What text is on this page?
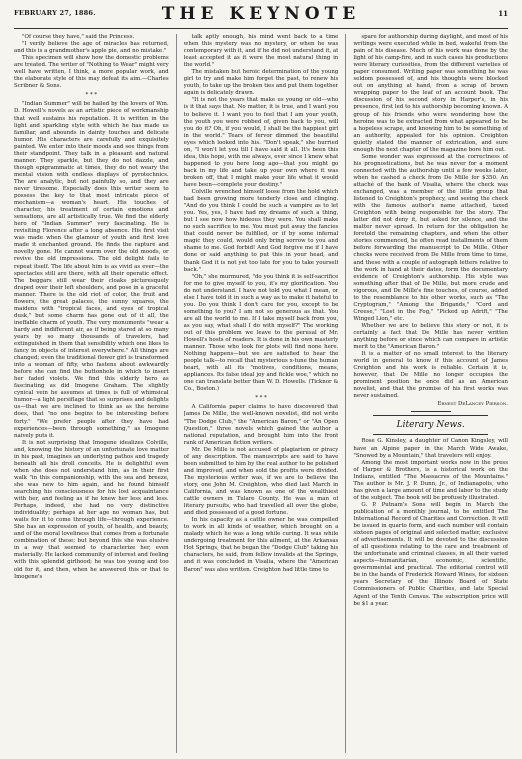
FEBRUARY 27, 1886.	THE KEYNOTE	11

"Of course they have," said the Princess.

"I verily believe the age of miracles has returned, and this is a grandmother's apple pie, and no mistake."

This specimen will show how the domestic problems are treated. The writer of "Nothing to Wear" might very well have written, I think, a more popular work, and the elaborate style of this may defeat its aim.—Charles Scribner & Sons.

* * *

"Indian Summer" will be hailed by the lovers of Wm. D. Howell's novels as an artistic piece of workmanship that well sustains his reputation. It is written in the light and sparkling style with which he has made us familiar, and abounds in dainty touches and delicate humor. His characters are carefully and exquisitely painted. We enter into their moods and see things from their standpoint. They talk in a pleasant and natural manner. They sparkle, but they do not dazzle, and though epigrammatic at times, they do not weary the mental vision with endless displays of pyrotechnics. The are analytic, but not painfully so, and they are never tiresome. Especially does this writer seem to possess the key to that most intricate piece of mechanism—a woman's heart. His touches of character, his treatment of certain emotions and sensations, are all artistically true. We find the elderly hero of "Indian Summer" very fascinating. He is revisiting Florence after a long absence. His first visit was made when the glamour of youth and first love made it enchanted ground. He finds the rapture and novelty gone. He cannot warm over the old moods, or revive the old impressions. The old delight fails to repeat itself. The life about him is as vivid as ever—the spectacles still are there, with all their operatic effect. The beggars still wear their cloaks picturesquely draped over their left shoulders, and pose in a graceful manner. There is the old riot of color, the fruit and flowers, the great palaces, the sunny squares, the maidens with "tropical faces, and eyes of tropical dusk," but some charm has gone out of it all, the ineffable charm of youth. The very monuments "wear a hardy and indifferent air, as if being stared at so many years by so many thousands of travelers, had extinguished in them that sensibility which one likes to fancy in objects of interest everywhere." All things are changed; even the traditional flower girl is transformed into a woman of fifty, who fastens about awkwardly before she can find the buttonhole in which to insert her faded violets. We find this elderly hero as fascinating as did Imogene Graham. The slightly cynical vein he assumes at times is full of whimsical humor—a light persiflage that so surprises and delights us—that we are inclined to think as as the heroine does, that "no one begins to be interesting before forty." "We prefer people after they have had experiences—been through something," as Imogene naively puts it.

It is not surprising that Imogene idealizes Colville, and, knowing the history of an unfortunate love matter in his past, imagines an underlying pathos and tragedy beneath all his droll conceits. He is delightful even when she does not understand him, as in their first walk "in this companionship, with the sea and breeze, she was new to him again, and he found himself searching his consciousness for his lost acquaintance with her, and feeling as if he knew her less and less. Perhaps, indeed, she had no very distinctive individuality; perhaps at her age no woman has, but waits for it to come through life—through experience. She has an expression of youth, of health, and beauty, and of the moral loveliness that comes from a fortunate combination of these; but beyond this she was elusive in a way that seemed to characterize her, even materially. He lacked community of interest and feeling with this splendid girlhood; he was too young and too old for it, and then, when he answered this or that to Imogene's

talk aptly enough, his mind went back to a time when this mystery was no mystery, or when he was contemporary with it, and if he did not understand it, at least accepted it as it were the most natural thing in the world."

The mistaken but heroic determination of the young girl to try and make him forget the past, to renew his youth, to take up the broken ties and put them together again is delicately drawn.

"It is not the years that make us young or old—who is it that says that. No matter, it is true, and I want you to believe it. I want you to feel that I am your youth, the youth you were robbed of, given back to you, will you do it? Oh, if you would, I shall be the happiest girl in the world." Tears of fervor dimmed the beautiful eyes which looked into his. "Don't speak," she hurried on, "I won't let you till I have said it all. It's been this idea, this hope, with me always, ever since I knew what happened to you here long ago—that you might go back in my life and take up your own where it was broken off, that I might make your life what it would have been—complete your destiny."

Colville wrenched himself loose from the hold which had been growing more tenderly close and clinging. "And do you think I could be such a vampire as to let you. Yes, yes, I have had my dreams of such a thing, but I see now how hideous they were. You shall make no such sacrifice to me. You must put away the fancies that could never be fulfilled, or if by some infernal magic they could, would only bring sorrow to you and shame to me. God forbid! And God forgive me if I have done or said anything to put this in your head, and thank God it is not yet too late for you to take yourself back."

"Oh," she murmured, "do you think it is self-sacrifice for me to give myself to you, it's my glorification. You do not understand. I have not told you what I mean, or else I have told it in such a way as to make it hateful to you. Do you think I don't care for you, except to be something to you? I am not so generous as that. You are all the world to me. If I take myself back from you, as you say, what shall I do with myself?" The working out of this problem we leave to the perusal of Mr. Howell's hosts of readers. It is done in his own masterly manner. Those who look for plots will find none here. Nothing happens—but we are satisfied to hear the people talk—to recall that mysterious x-tune the human heart, with all its "motives, conditions, means, appliances. Its false ideal joy and fickle woe," which no one can translate better than W. D. Howells. (Ticknor & Co., Boston.)

* * *

A California paper claims to have discovered that James De Mille, the well-known novelist, did not write "The Dodge Club," the "American Baron," or "An Open Question," three novels which gained the author a national reputation, and brought him into the front rank of American fiction writers.

Mr. De Mille is not accused of plagiarism or piracy of any description. The manuscripts are said to have been submitted to him by the real author to be polished and improved, and when sold the profits were divided. The mysterious writer was, if we are to believe the story, one John M. Creighton, who died last March in California, and was known as one of the wealthiest cattle owners in Tulare County. He was a man of literary pursuits, who had travelled all over the globe, and died possessed of a good fortune.

In his capacity as a cattle owner he was compelled to work in all kinds of weather, which brought on a malady which he was a long while curing. It was while undergoing treatment for this ailment, at the Arkansas Hot Springs, that he began the "Dodge Club" taking his characters, he said, from fellow invalids at the Springs, and it was concluded in Visalia, where the "American Baron" was also written. Creighton had little time to

spare for authorship during daylight, and most of his writings were executed while in bed, wakeful from the pain of his disease. Much of his work was done by the light of his camp-fire, and in such cases his productions were literary curiosities, from the different varieties of paper consumed. Writing paper was something he was seldom possessed of, and his thoughts were blocked out on anything at hand, from a scrap of brown wrapping paper to the leaf of an account book. The discussion of his second story in Harper's, in his presence, first led to his authorship becoming known. A group of his friends who were wondering how the heroine was to be extracted from what appeared to be a hopeless scrape, and knowing him to be something of an authority, appealed for his opinion. Creighton quietly stated the manner of extrication, and sure enough the next chapter of the magazine bore him out.

Some wonder was expressed at the correctness of his prognostications, but he was never for a moment connected with the authorship until a few weeks later, when he cashed a check from De Mille for $350. An attaché of the bank of Visalia, where the check was exchanged, was a member of the little group that listened to Creighton's prophecy, and seeing the check with the famous author's name attached, taxed Creighton with being responsible for the story. The latter did not deny it, but asked for silence, and the matter never spread. In return for the obligation he foretold the remaining chapters, and when the other stories commenced, he often read installments of them before forwarding the manuscript to De Mille. Other checks were received from De Mille from time to time, and these with a couple of autograph letters relative to the work in hand at their dates, form the documentary evidence of Creighton's authorship. His style was something after that of De Mille, but more crude and vigorous, and De Mille's fine touches, of course, added to the resemblance to his other works, such as "The Cryptogram," "Among the Brigands," "Cord and Creese," "Lost in the Fog," "Picked up Adrift," "The Winged Lion," etc.

Whether we are to believe this story or not, it is certainly a fact that De Mille has never written anything before or since which can compare in artistic merit to the "American Baron."

It is a matter of no small interest to the literary world in general to know if this account of James Creighton and his work is reliable. Certain it is, however, that De Mille no longer occupies the prominent position he once did as an American novelist, and that the promise of his first works was never sustained.

Ernest DeLancey Pierson.

Literary News.

Rose G. Kinsley, a daughter of Canon Kingsley, will have an Alpine paper in the March Wide Awake, "Snowed by a Mountain," that travelers will enjoy.

Among the most important works now in the press of Harper & Brothers, is a historical work on the Indians, entitled "The Massacres of the Mountains." The author is Mr. J. P. Dunn, Jr., of Indianapolis, who has given a large amount of time and labor to the study of the subject. The book will be profusely illustrated.

G. P. Putnam's Sons will begin in March the publication of a monthly journal, to be entitled The International Record of Charities and Correction. It will be issued in quarto form, and each number will contain sixteen pages of original and selected matter, exclusive of advertisements. It will be devoted to the discussion of all questions relating to the care and treatment of the unfortunate and criminal classes, in all their varied aspects—humanitarian, economic, scientific, governmental and practical. The editorial control will be in the hands of Frederick Howard Wines, for sixteen years Secretary of the Illinois Board of State Commissioners of Public Charities, and late Special Agent of the Tenth Census. The subscription price will be $1 a year.
